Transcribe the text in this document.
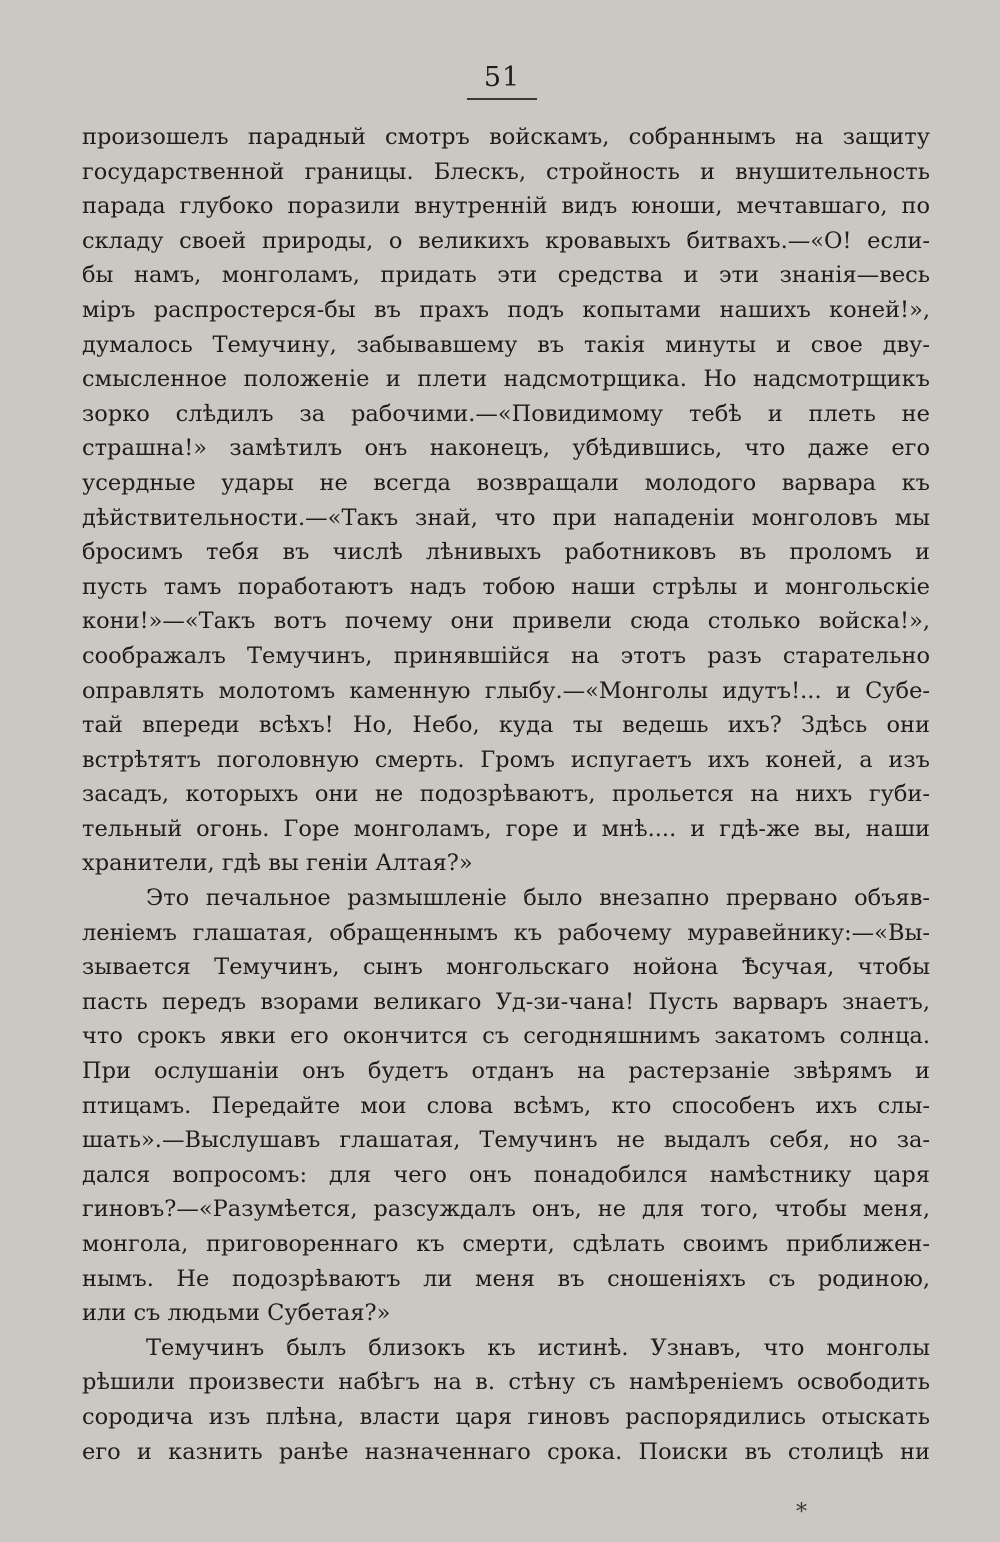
51
произошелъ парадный смотръ войскамъ, собраннымъ на защиту
государственной границы. Блескъ, стройность и внушительность
парада глубоко поразили внутренній видъ юноши, мечтавшаго, по
складу своей природы, о великихъ кровавыхъ битвахъ.—«О! если-
бы намъ, монголамъ, придать эти средства и эти знанія—весь
міръ распростерся-бы въ прахъ подъ копытами нашихъ коней!»,
думалось Темучину, забывавшему въ такія минуты и свое дву-
смысленное положеніе и плети надсмотрщика. Но надсмотрщикъ
зорко слѣдилъ за рабочими.—«Повидимому тебѣ и плеть не
страшна!» замѣтилъ онъ наконецъ, убѣдившись, что даже его
усердные удары не всегда возвращали молодого варвара къ
дѣйствительности.—«Такъ знай, что при нападеніи монголовъ мы
бросимъ тебя въ числѣ лѣнивыхъ работниковъ въ проломъ и
пусть тамъ поработаютъ надъ тобою наши стрѣлы и монгольскіе
кони!»—«Такъ вотъ почему они привели сюда столько войска!»,
соображалъ Темучинъ, принявшійся на этотъ разъ старательно
оправлять молотомъ каменную глыбу.—«Монголы идутъ!... и Субе-
тай впереди всѣхъ! Но, Небо, куда ты ведешь ихъ? Здѣсь они
встрѣтятъ поголовную смерть. Громъ испугаетъ ихъ коней, а изъ
засадъ, которыхъ они не подозрѣваютъ, прольется на нихъ губи-
тельный огонь. Горе монголамъ, горе и мнѣ.... и гдѣ-же вы, наши
хранители, гдѣ вы геніи Алтая?»
Это печальное размышленіе было внезапно прервано объяв-
леніемъ глашатая, обращеннымъ къ рабочему муравейнику:—«Вы-
зывается Темучинъ, сынъ монгольскаго нойона Ѣсучая, чтобы
пасть передъ взорами великаго Уд-зи-чана! Пусть варваръ знаетъ,
что срокъ явки его окончится съ сегодняшнимъ закатомъ солнца.
При ослушаніи онъ будетъ отданъ на растерзаніе звѣрямъ и
птицамъ. Передайте мои слова всѣмъ, кто способенъ ихъ слы-
шать».—Выслушавъ глашатая, Темучинъ не выдалъ себя, но за-
дался вопросомъ: для чего онъ понадобился намѣстнику царя
гиновъ?—«Разумѣется, разсуждалъ онъ, не для того, чтобы меня,
монгола, приговореннаго къ смерти, сдѣлать своимъ приближен-
нымъ. Не подозрѣваютъ ли меня въ сношеніяхъ съ родиною,
или съ людьми Субетая?»
Темучинъ былъ близокъ къ истинѣ. Узнавъ, что монголы
рѣшили произвести набѣгъ на в. стѣну съ намѣреніемъ освободить
сородича изъ плѣна, власти царя гиновъ распорядились отыскать
его и казнить ранѣе назначеннаго срока. Поиски въ столицѣ ни
*
